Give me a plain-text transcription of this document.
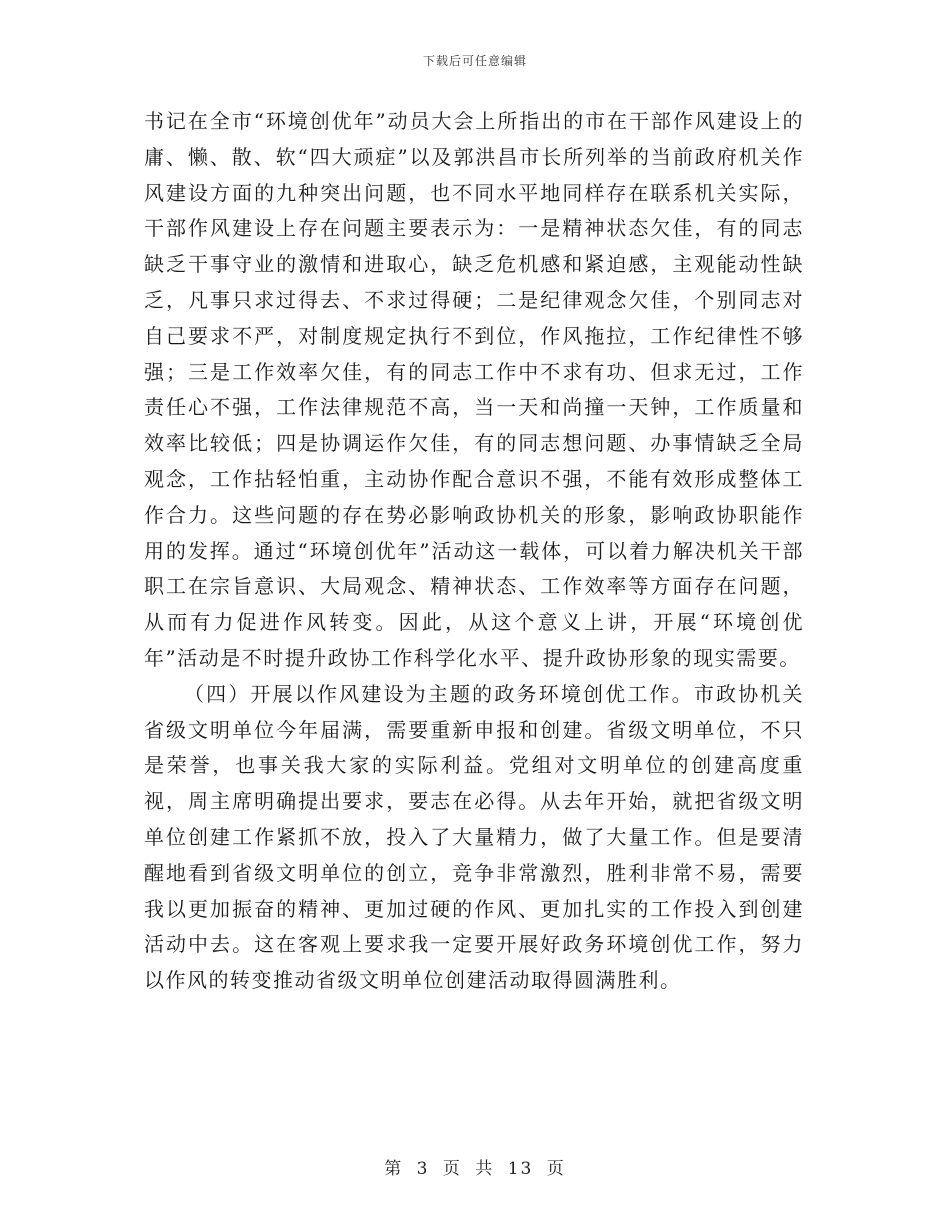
下载后可任意编辑

书记在全市“环境创优年”动员大会上所指出的市在干部作风建设上的庸、懒、散、软“四大顽症”以及郭洪昌市长所列举的当前政府机关作风建设方面的九种突出问题，也不同水平地同样存在联系机关实际，干部作风建设上存在问题主要表示为：一是精神状态欠佳，有的同志缺乏干事守业的激情和进取心，缺乏危机感和紧迫感，主观能动性缺乏，凡事只求过得去、不求过得硬；二是纪律观念欠佳，个别同志对自己要求不严，对制度规定执行不到位，作风拖拉，工作纪律性不够强；三是工作效率欠佳，有的同志工作中不求有功、但求无过，工作责任心不强，工作法律规范不高，当一天和尚撞一天钟，工作质量和效率比较低；四是协调运作欠佳，有的同志想问题、办事情缺乏全局观念，工作拈轻怕重，主动协作配合意识不强，不能有效形成整体工作合力。这些问题的存在势必影响政协机关的形象，影响政协职能作用的发挥。通过“环境创优年”活动这一载体，可以着力解决机关干部职工在宗旨意识、大局观念、精神状态、工作效率等方面存在问题，从而有力促进作风转变。因此，从这个意义上讲，开展“环境创优年”活动是不时提升政协工作科学化水平、提升政协形象的现实需要。

（四）开展以作风建设为主题的政务环境创优工作。市政协机关省级文明单位今年届满，需要重新申报和创建。省级文明单位，不只是荣誉，也事关我大家的实际利益。党组对文明单位的创建高度重视，周主席明确提出要求，要志在必得。从去年开始，就把省级文明单位创建工作紧抓不放，投入了大量精力，做了大量工作。但是要清醒地看到省级文明单位的创立，竞争非常激烈，胜利非常不易，需要我以更加振奋的精神、更加过硬的作风、更加扎实的工作投入到创建活动中去。这在客观上要求我一定要开展好政务环境创优工作，努力以作风的转变推动省级文明单位创建活动取得圆满胜利。

第 3 页 共 13 页
